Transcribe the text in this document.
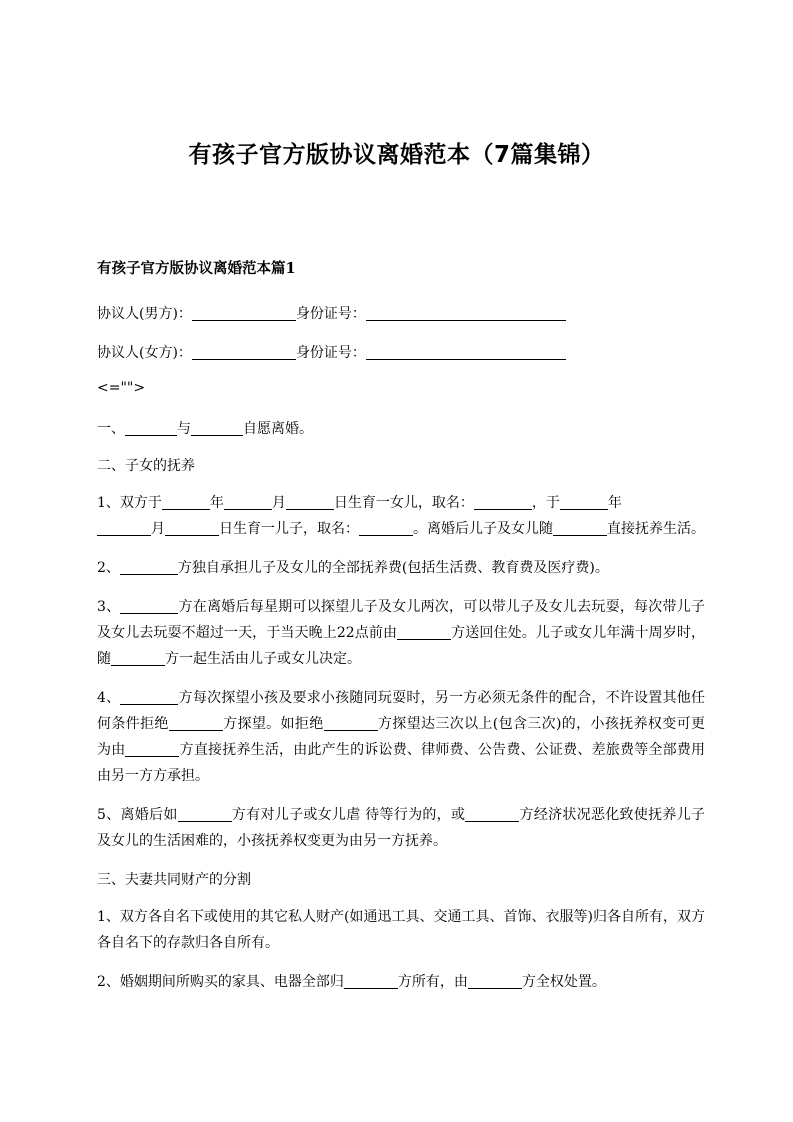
有孩子官方版协议离婚范本（7篇集锦）
有孩子官方版协议离婚范本篇1
协议人(男方)：	身份证号：
协议人(女方)：	身份证号：
<="">
一、	与	自愿离婚。
二、子女的抚养
1、双方于	年	月	日生育一女儿，取名：	，于	年
月	日生育一儿子，取名：	。离婚后儿子及女儿随	直接抚养生活。
2、	方独自承担儿子及女儿的全部抚养费(包括生活费、教育费及医疗费)。
3、	方在离婚后每星期可以探望儿子及女儿两次，可以带儿子及女儿去玩耍，每次带儿子及女儿去玩耍不超过一天，于当天晚上22点前由	方送回住处。儿子或女儿年满十周岁时，随	方一起生活由儿子或女儿决定。
4、	方每次探望小孩及要求小孩随同玩耍时，另一方必须无条件的配合，不许设置其他任何条件拒绝	方探望。如拒绝	方探望达三次以上(包含三次)的，小孩抚养权变可更为由	方直接抚养生活，由此产生的诉讼费、律师费、公告费、公证费、差旅费等全部费用由另一方方承担。
5、离婚后如	方有对儿子或女儿虐 待等行为的，或	方经济状况恶化致使抚养儿子及女儿的生活困难的，小孩抚养权变更为由另一方抚养。
三、夫妻共同财产的分割
1、双方各自名下或使用的其它私人财产(如通迅工具、交通工具、首饰、衣服等)归各自所有，双方各自名下的存款归各自所有。
2、婚姻期间所购买的家具、电器全部归	方所有，由	方全权处置。
